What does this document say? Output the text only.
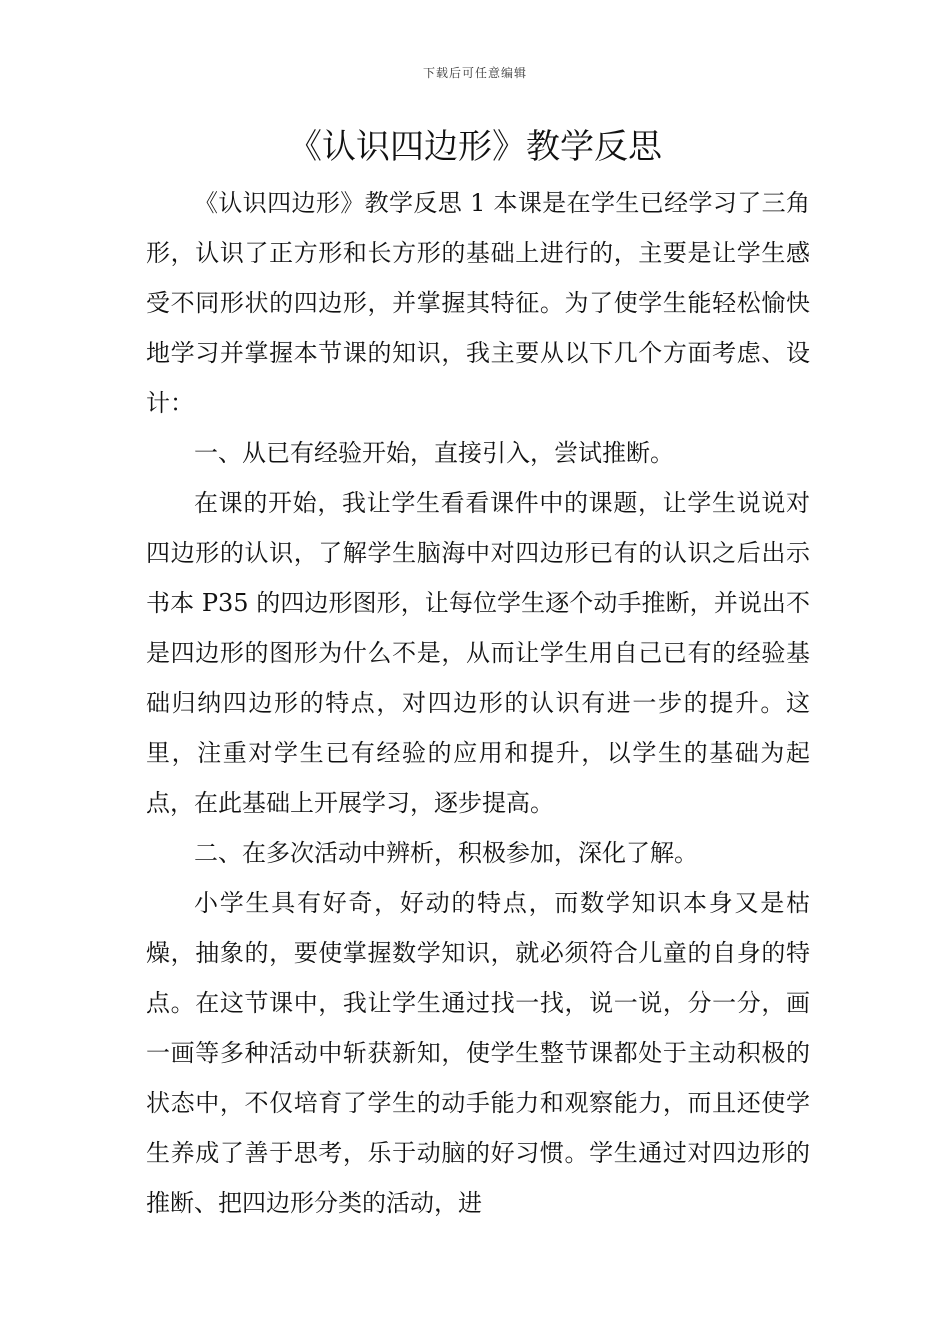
下载后可任意编辑
《认识四边形》教学反思

《认识四边形》教学反思 1 本课是在学生已经学习了三角形，认识了正方形和长方形的基础上进行的，主要是让学生感受不同形状的四边形，并掌握其特征。为了使学生能轻松愉快地学习并掌握本节课的知识，我主要从以下几个方面考虑、设计：

一、从已有经验开始，直接引入，尝试推断。

在课的开始，我让学生看看课件中的课题，让学生说说对四边形的认识，了解学生脑海中对四边形已有的认识之后出示书本 P35 的四边形图形，让每位学生逐个动手推断，并说出不是四边形的图形为什么不是，从而让学生用自己已有的经验基础归纳四边形的特点，对四边形的认识有进一步的提升。这里，注重对学生已有经验的应用和提升，以学生的基础为起点，在此基础上开展学习，逐步提高。

二、在多次活动中辨析，积极参加，深化了解。

小学生具有好奇，好动的特点，而数学知识本身又是枯燥，抽象的，要使掌握数学知识，就必须符合儿童的自身的特点。在这节课中，我让学生通过找一找，说一说，分一分，画一画等多种活动中斩获新知，使学生整节课都处于主动积极的状态中，不仅培育了学生的动手能力和观察能力，而且还使学生养成了善于思考，乐于动脑的好习惯。学生通过对四边形的推断、把四边形分类的活动，进
